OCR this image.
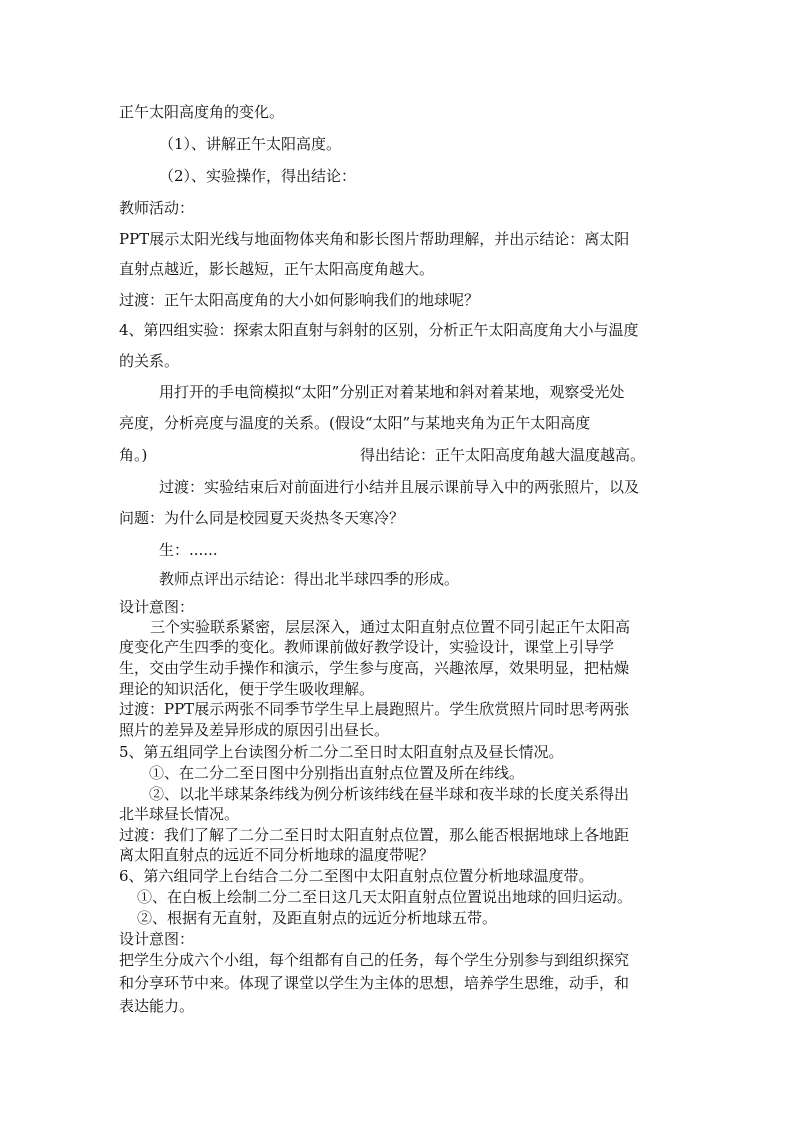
正午太阳高度角的变化。
（1）、讲解正午太阳高度。
（2）、实验操作，得出结论：
教师活动：
PPT展示太阳光线与地面物体夹角和影长图片帮助理解，并出示结论：离太阳
直射点越近，影长越短，正午太阳高度角越大。
过渡：正午太阳高度角的大小如何影响我们的地球呢？
4、第四组实验：探索太阳直射与斜射的区别，分析正午太阳高度角大小与温度
的关系。
用打开的手电筒模拟“太阳”分别正对着某地和斜对着某地，观察受光处
亮度，分析亮度与温度的关系。(假设“太阳”与某地夹角为正午太阳高度
角。)	得出结论：正午太阳高度角越大温度越高。
过渡：实验结束后对前面进行小结并且展示课前导入中的两张照片，以及
问题：为什么同是校园夏天炎热冬天寒冷？
生：......
教师点评出示结论：得出北半球四季的形成。
设计意图：
三个实验联系紧密，层层深入，通过太阳直射点位置不同引起正午太阳高
度变化产生四季的变化。教师课前做好教学设计，实验设计，课堂上引导学
生，交由学生动手操作和演示，学生参与度高，兴趣浓厚，效果明显，把枯燥
理论的知识活化，便于学生吸收理解。
过渡：PPT展示两张不同季节学生早上晨跑照片。学生欣赏照片同时思考两张
照片的差异及差异形成的原因引出昼长。
5、第五组同学上台读图分析二分二至日时太阳直射点及昼长情况。
①、在二分二至日图中分别指出直射点位置及所在纬线。
②、以北半球某条纬线为例分析该纬线在昼半球和夜半球的长度关系得出
北半球昼长情况。
过渡：我们了解了二分二至日时太阳直射点位置，那么能否根据地球上各地距
离太阳直射点的远近不同分析地球的温度带呢？
6、第六组同学上台结合二分二至图中太阳直射点位置分析地球温度带。
①、在白板上绘制二分二至日这几天太阳直射点位置说出地球的回归运动。
②、根据有无直射，及距直射点的远近分析地球五带。
设计意图：
把学生分成六个小组，每个组都有自己的任务，每个学生分别参与到组织探究
和分享环节中来。体现了课堂以学生为主体的思想，培养学生思维，动手，和
表达能力。
